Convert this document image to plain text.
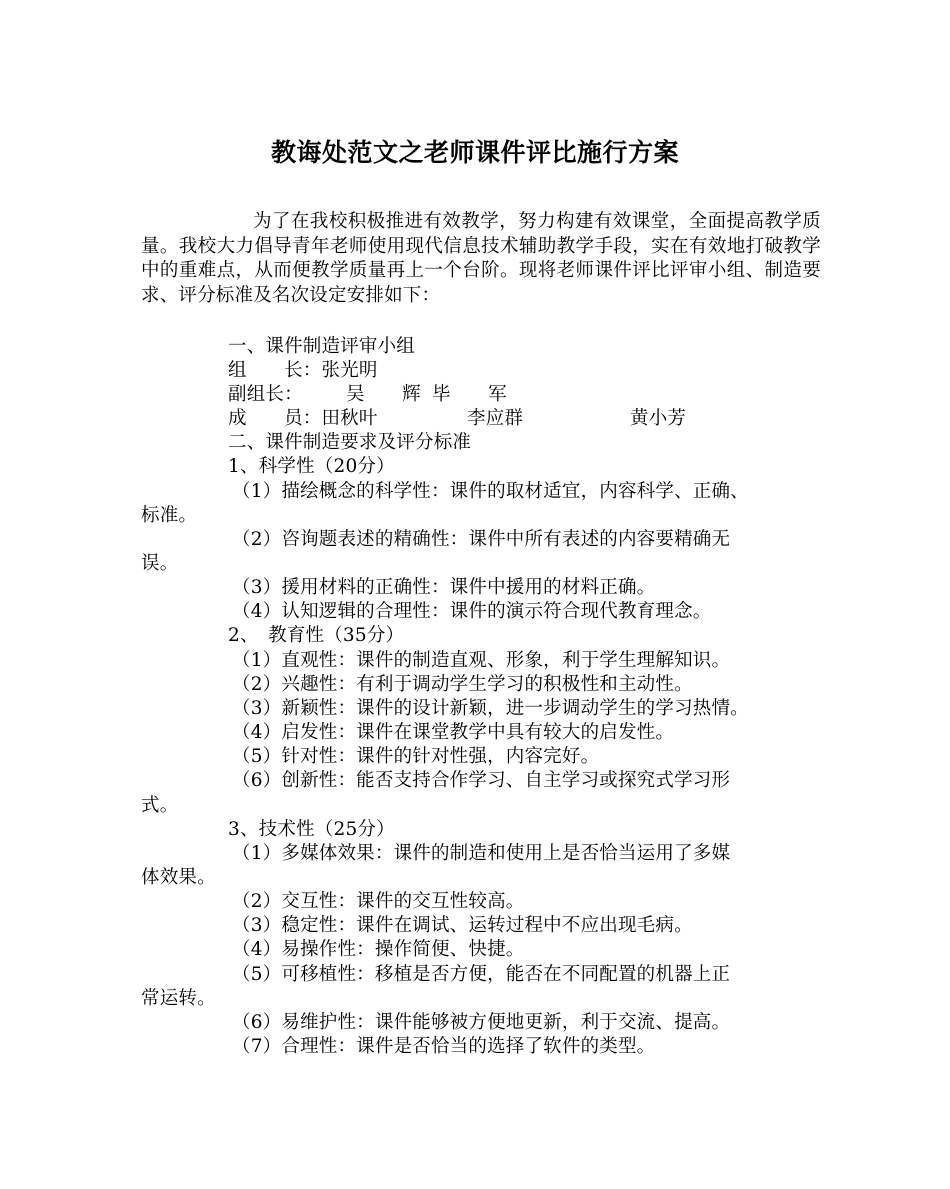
教诲处范文之老师课件评比施行方案
为了在我校积极推进有效教学，努力构建有效课堂，全面提高教学质量。我校大力倡导青年老师使用现代信息技术辅助教学手段，实在有效地打破教学中的重难点，从而便教学质量再上一个台阶。现将老师课件评比评审小组、制造要求、评分标准及名次设定安排如下：
一、课件制造评审小组
组　　长：张光明
副组长： 吴　　辉 毕　　军
成　　员：田秋叶	李应群	黄小芳
二、课件制造要求及评分标准
1、科学性（20分）
（1）描绘概念的科学性：课件的取材适宜，内容科学、正确、
标准。
（2）咨询题表述的精确性：课件中所有表述的内容要精确无
误。
（3）援用材料的正确性：课件中援用的材料正确。
（4）认知逻辑的合理性：课件的演示符合现代教育理念。
2、　教育性（35分）
（1）直观性：课件的制造直观、形象，利于学生理解知识。
（2）兴趣性：有利于调动学生学习的积极性和主动性。
（3）新颖性：课件的设计新颖，进一步调动学生的学习热情。
（4）启发性：课件在课堂教学中具有较大的启发性。
（5）针对性：课件的针对性强，内容完好。
（6）创新性：能否支持合作学习、自主学习或探究式学习形
式。
3、技术性（25分）
（1）多媒体效果：课件的制造和使用上是否恰当运用了多媒
体效果。
（2）交互性：课件的交互性较高。
（3）稳定性：课件在调试、运转过程中不应出现毛病。
（4）易操作性：操作简便、快捷。
（5）可移植性：移植是否方便，能否在不同配置的机器上正
常运转。
（6）易维护性：课件能够被方便地更新，利于交流、提高。
（7）合理性：课件是否恰当的选择了软件的类型。
